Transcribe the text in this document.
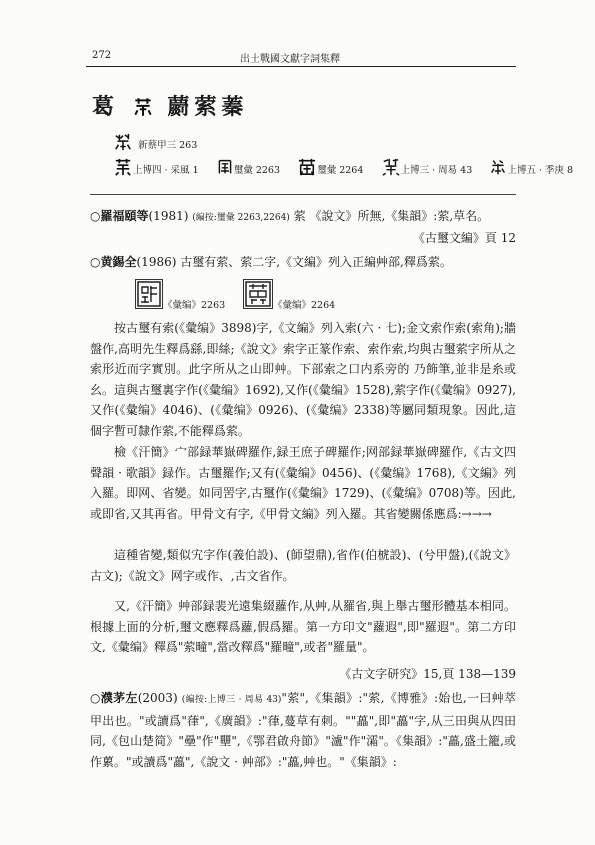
272	出土戰國文獻字詞集釋
葛 蘮萦蓁
新蔡甲三 263
上博四 · 采風 1	璽彙 2263	璽彙 2264	上博三 · 周易 43	上博五 · 季庚 8
○羅福頤等(1981) (編按:璽彙 2263,2264) 萦 《說文》所無,《集韻》:萦,草名。
《古璽文編》頁 12
○黄錫全(1986) 古璽有萦、萦二字,《文編》列入正編艸部,釋爲萦。
《彙编》2263	《彙编》2264
按古璽有索(《彙编》3898)字,《文編》列入索(六 · 七);金文索作索(索角);牆盤作,高明先生釋爲繇,即絲;《說文》索字正篆作索、索作索,均與古璽萦字所从之索形近而字實別。此字所从之山即艸。下部索之口内系旁的 乃飾筆,並非是糸或幺。這與古璽裏字作(《彙编》1692),又作(《彙编》1528),萦字作(《彙编》0927),又作(《彙编》4046)、(《彙编》0926)、(《彙编》2338)等屬同類現象。因此,這個字暫可隸作萦,不能釋爲萦。
檢《汗簡》宀部録華嶽碑羅作,録王庶子碑羅作;网部録華嶽碑羅作,《古文四聲韻 · 歌韻》録作。古璽羅作;又有(《彙编》0456)、(《彙编》1768),《文編》列入羅。即网、省變。如同罟字,古璽作(《彙编》1729)、(《彙编》0708)等。因此,或即省,又其再省。甲骨文有字,《甲骨文編》列入羅。其省變關係應爲:→→→
這種省變,類似宄字作(義伯設)、(師望鼎),省作(伯椃設)、(兮甲盤),(《說文》古文);《說文》网字或作、,古文省作。
又,《汗簡》艸部録裴光遠集綴蘿作,从艸,从羅省,與上舉古璽形體基本相同。根據上面的分析,璽文應釋爲蘿,假爲羅。第一方印文"蘿遐",即"羅遐"。第二方印文,《彙编》釋爲"萦疃",當改釋爲"羅疃",或者"羅量"。
《古文字研究》15,頁 138—139
○濮茅左(2003) (編按:上博三 · 周易 43)"萦",《集韻》:"萦,《博雅》:始也,一曰艸萃甲出也。"或讀爲"葎",《廣韻》:"葎,蔓草有刺。""藟",即"藟"字,从三田與从四田同,《包山楚简》"壘"作"壨",《鄂君啟舟節》"瀘"作"灀"。《集韻》:"藟,盛土籠,或作蔂。"或讀爲"藟",《說文 · 艸部》:"藟,艸也。"《集韻》:
